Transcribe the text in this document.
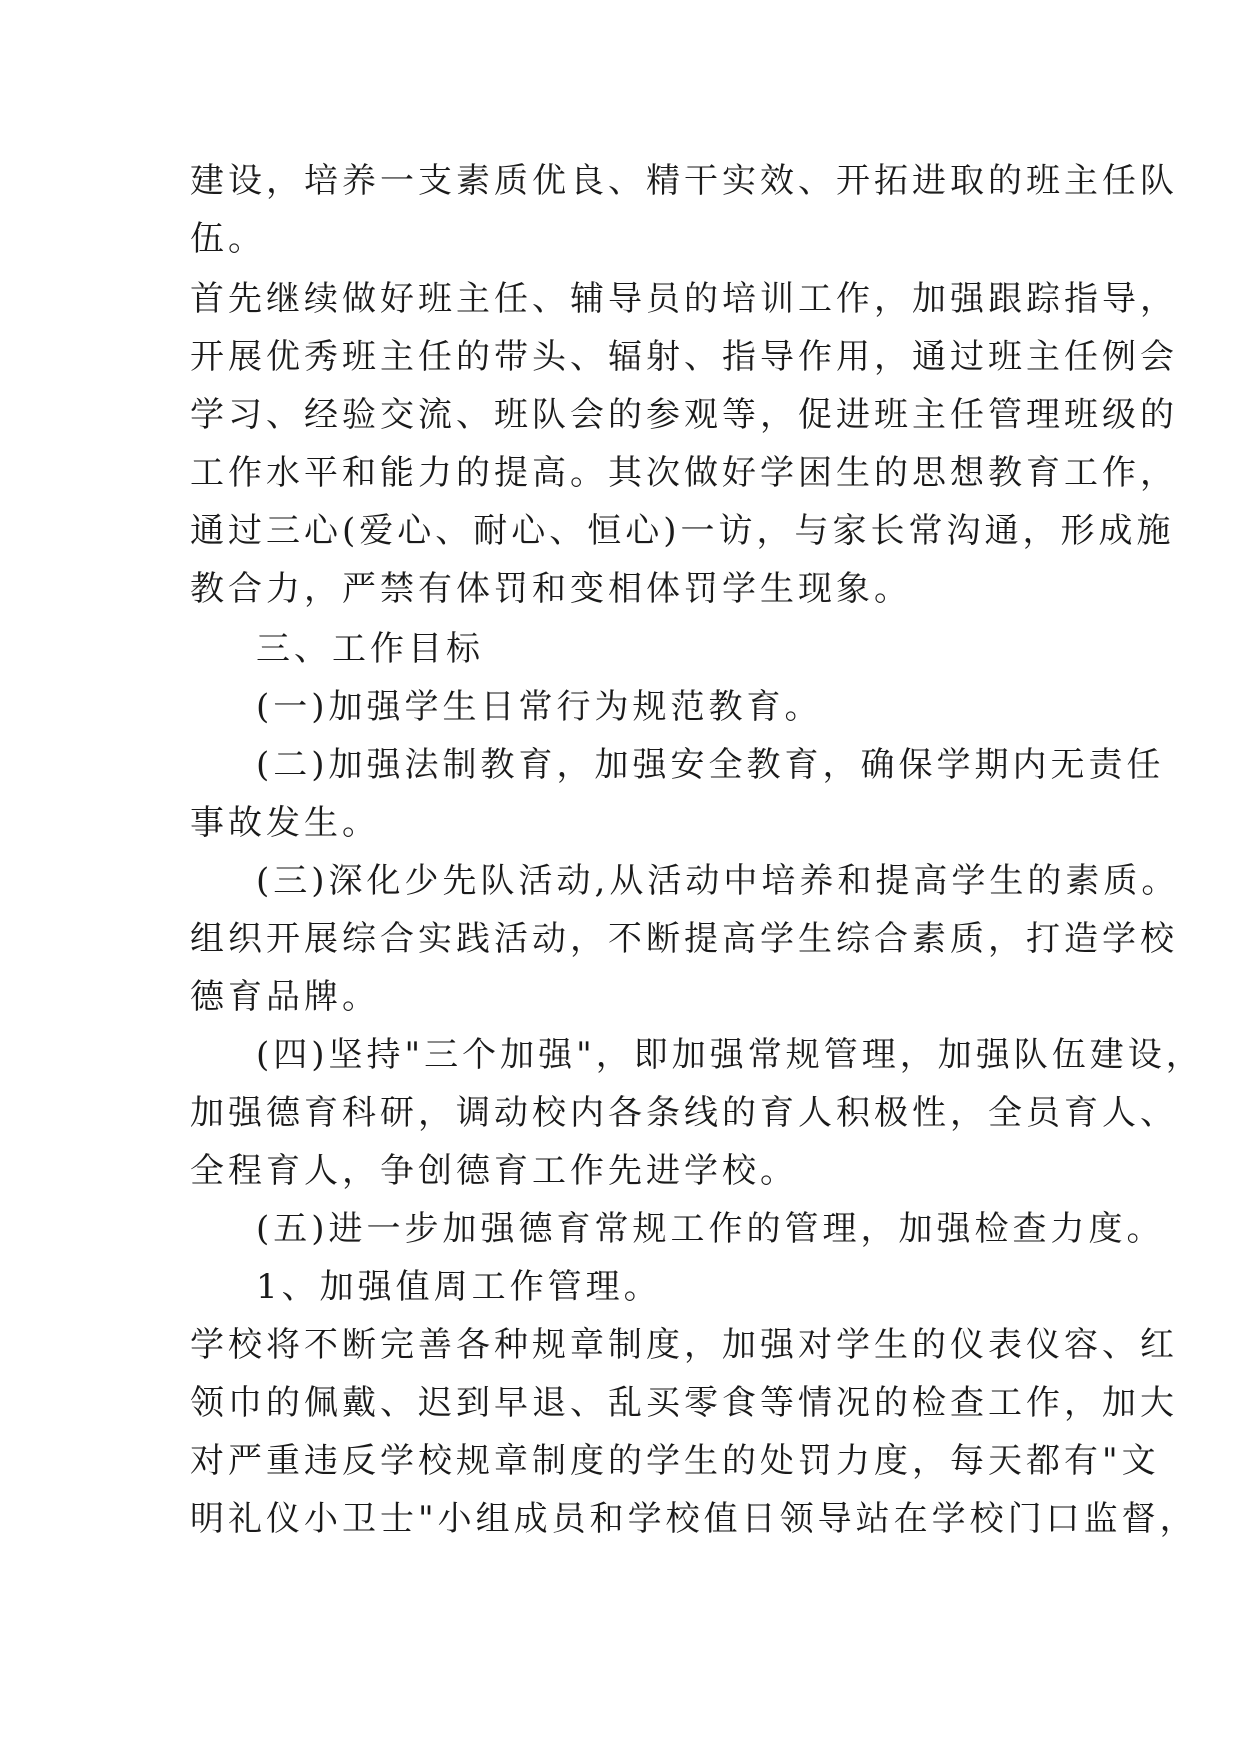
建设，培养一支素质优良、精干实效、开拓进取的班主任队
伍。
首先继续做好班主任、辅导员的培训工作，加强跟踪指导，
开展优秀班主任的带头、辐射、指导作用，通过班主任例会
学习、经验交流、班队会的参观等，促进班主任管理班级的
工作水平和能力的提高。其次做好学困生的思想教育工作，
通过三心(爱心、耐心、恒心)一访，与家长常沟通，形成施
教合力，严禁有体罚和变相体罚学生现象。
三、工作目标
(一)加强学生日常行为规范教育。
(二)加强法制教育，加强安全教育，确保学期内无责任
事故发生。
(三)深化少先队活动,从活动中培养和提高学生的素质。
组织开展综合实践活动，不断提高学生综合素质，打造学校
德育品牌。
(四)坚持"三个加强"，即加强常规管理，加强队伍建设，
加强德育科研，调动校内各条线的育人积极性，全员育人、
全程育人，争创德育工作先进学校。
(五)进一步加强德育常规工作的管理，加强检查力度。
1、加强值周工作管理。
学校将不断完善各种规章制度，加强对学生的仪表仪容、红
领巾的佩戴、迟到早退、乱买零食等情况的检查工作，加大
对严重违反学校规章制度的学生的处罚力度，每天都有"文
明礼仪小卫士"小组成员和学校值日领导站在学校门口监督，
